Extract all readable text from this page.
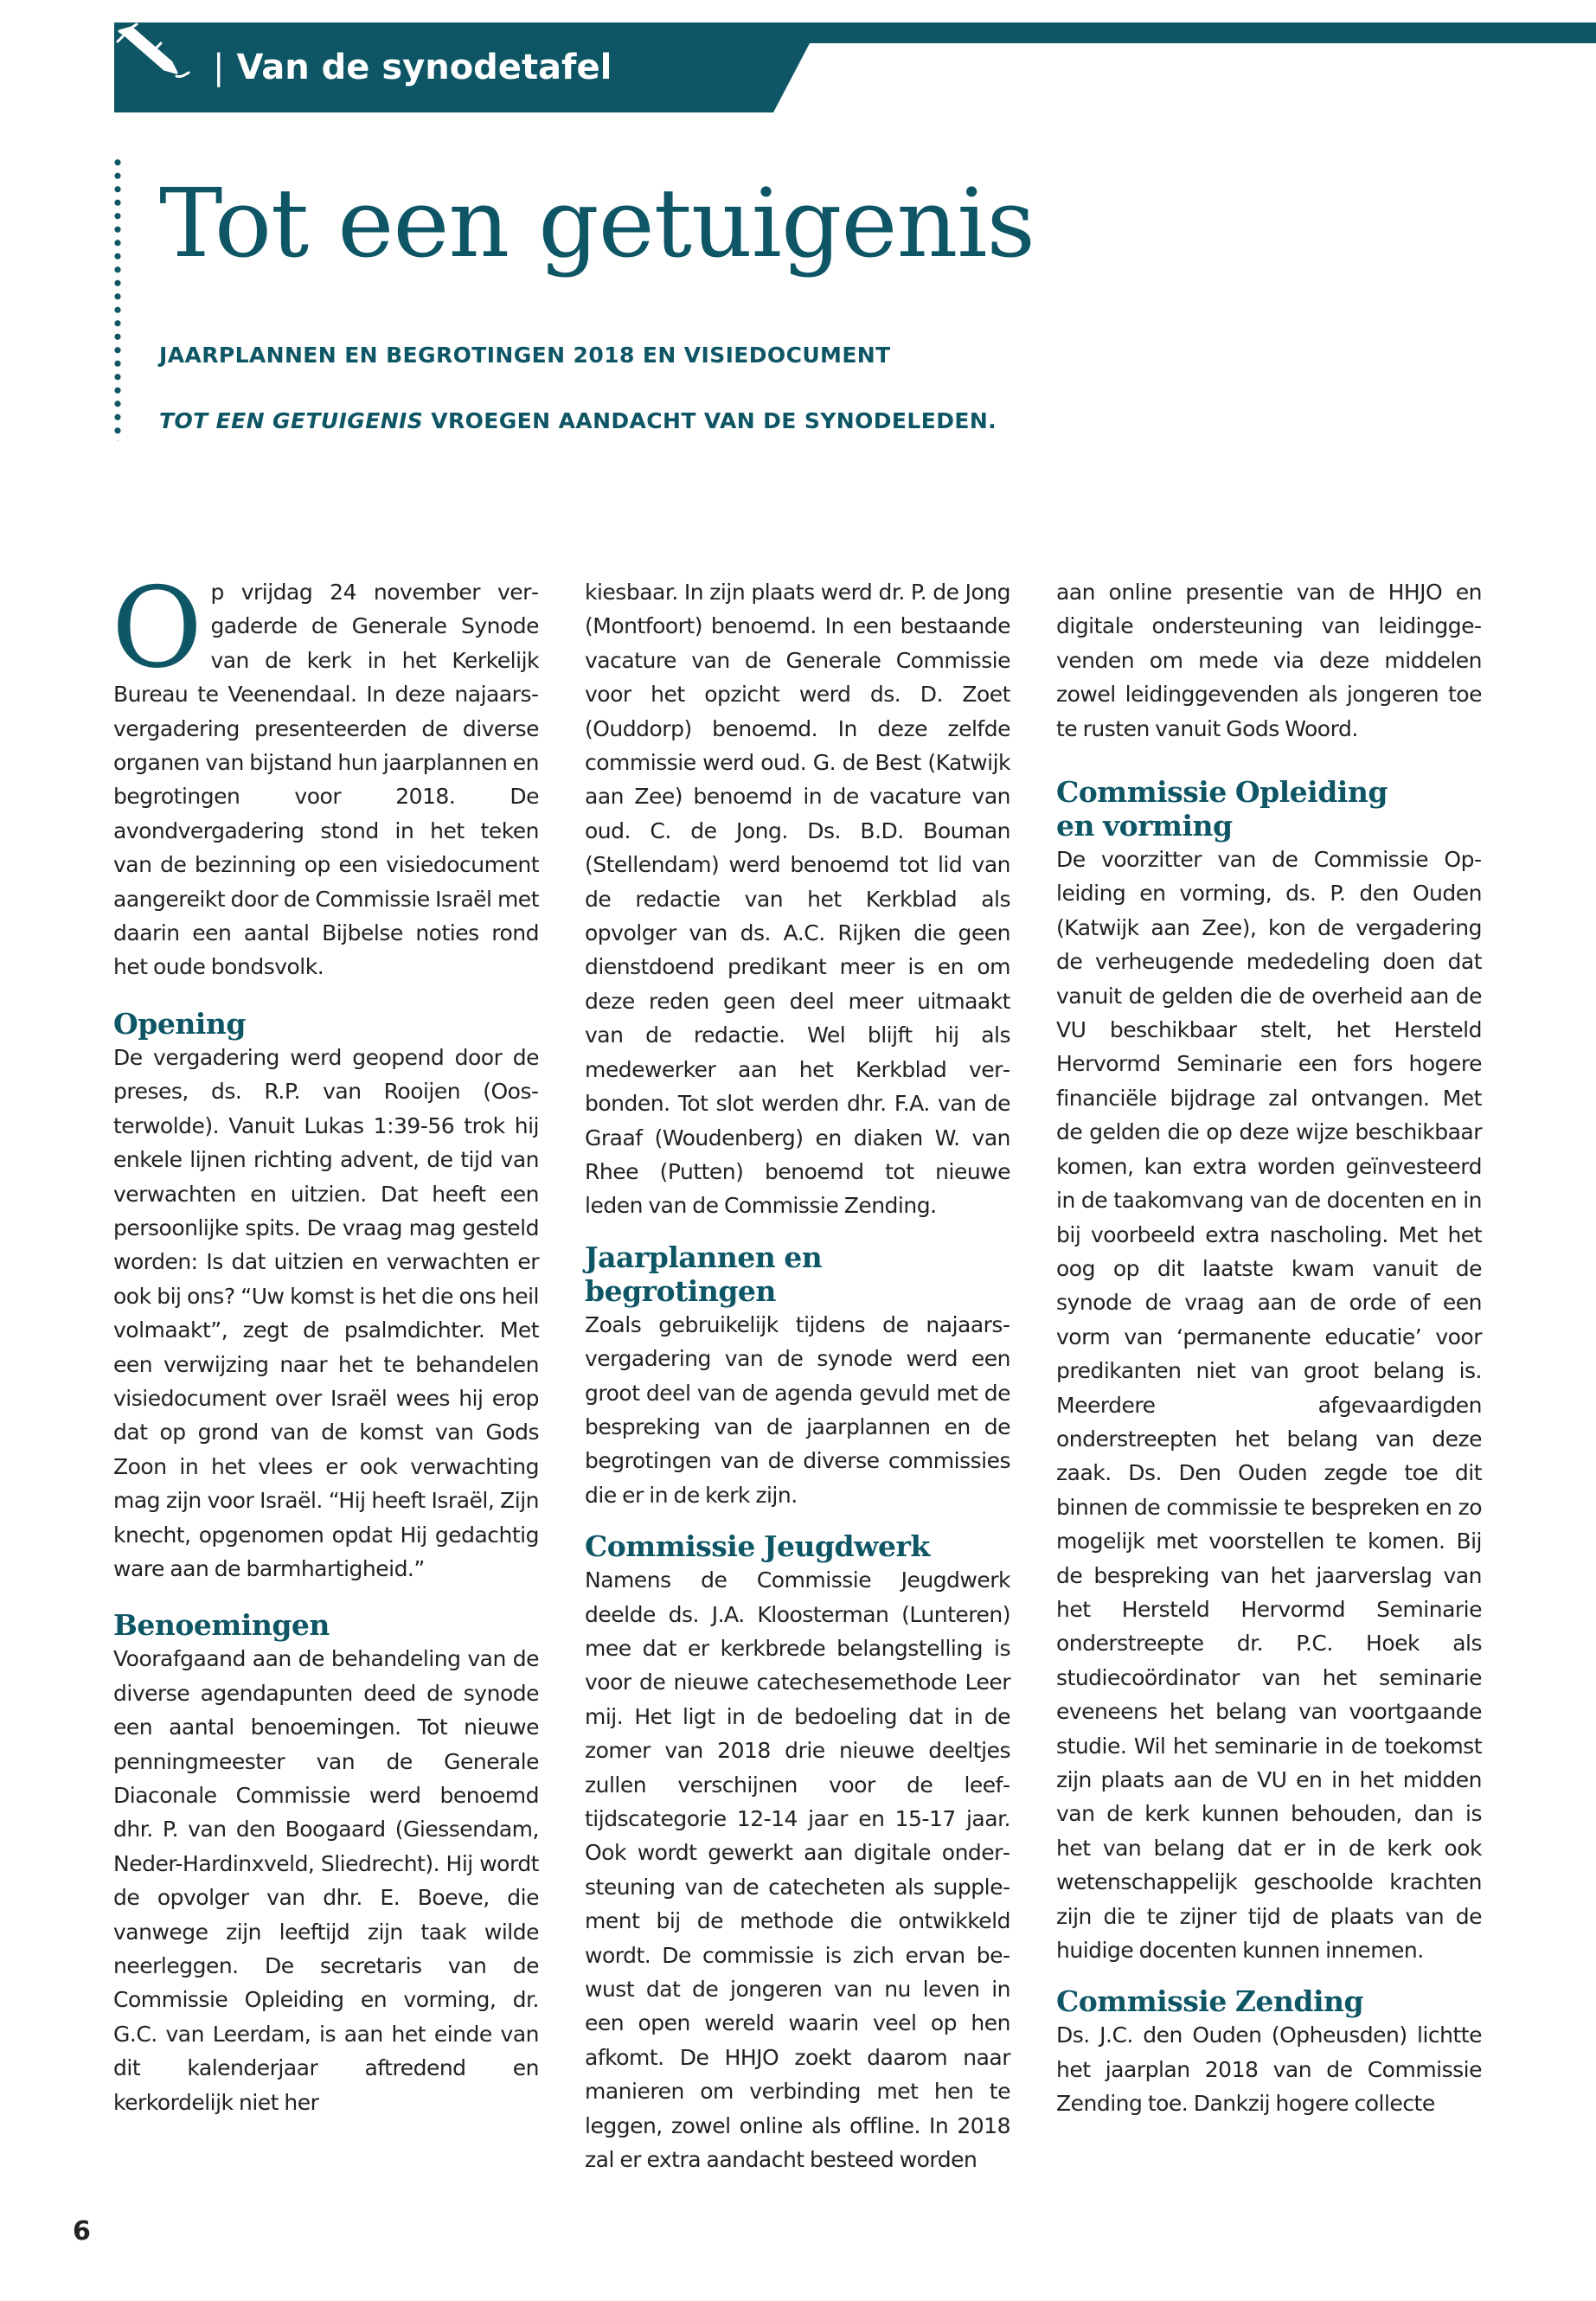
| Van de synodetafel
Tot een getuigenis

JAARPLANNEN EN BEGROTINGEN 2018 EN VISIEDOCUMENT

TOT EEN GETUIGENIS VROEGEN AANDACHT VAN DE SYNODELEDEN.

Op vrijdag 24 november vergaderde de Generale Synode van de kerk in het Kerkelijk Bureau te Veenendaal. In deze najaarsvergadering presenteerden de diverse organen van bijstand hun jaarplannen en begrotingen voor 2018. De avondvergadering stond in het teken van de bezinning op een visiedocument aangereikt door de Commissie Israël met daarin een aantal Bijbelse noties rond het oude bondsvolk.

Opening

De vergadering werd geopend door de preses, ds. R.P. van Rooijen (Oosterwolde). Vanuit Lukas 1:39-56 trok hij enkele lijnen richting advent, de tijd van verwachten en uitzien. Dat heeft een persoonlijke spits. De vraag mag gesteld worden: Is dat uitzien en verwachten er ook bij ons? “Uw komst is het die ons heil volmaakt”, zegt de psalmdichter. Met een verwijzing naar het te behandelen visiedocument over Israël wees hij erop dat op grond van de komst van Gods Zoon in het vlees er ook verwachting mag zijn voor Israël. “Hij heeft Israël, Zijn knecht, opgenomen opdat Hij gedachtig ware aan de barmhartigheid.”

Benoemingen

Voorafgaand aan de behandeling van de diverse agendapunten deed de synode een aantal benoemingen. Tot nieuwe penningmeester van de Generale Diaconale Commissie werd benoemd dhr. P. van den Boogaard (Giessendam, Neder-Hardinxveld, Sliedrecht). Hij wordt de opvolger van dhr. E. Boeve, die vanwege zijn leeftijd zijn taak wilde neerleggen. De secretaris van de Commissie Opleiding en vorming, dr. G.C. van Leerdam, is aan het einde van dit kalenderjaar aftredend en kerkordelijk niet her

kiesbaar. In zijn plaats werd dr. P. de Jong (Montfoort) benoemd. In een bestaande vacature van de Generale Commissie voor het opzicht werd ds. D. Zoet (Ouddorp) benoemd. In deze zelfde commissie werd oud. G. de Best (Katwijk aan Zee) benoemd in de vacature van oud. C. de Jong. Ds. B.D. Bouman (Stellendam) werd benoemd tot lid van de redactie van het Kerkblad als opvolger van ds. A.C. Rijken die geen dienstdoend predikant meer is en om deze reden geen deel meer uitmaakt van de redactie. Wel blijft hij als medewerker aan het Kerkblad verbonden. Tot slot werden dhr. F.A. van de Graaf (Woudenberg) en diaken W. van Rhee (Putten) benoemd tot nieuwe leden van de Commissie Zending.

Jaarplannen en begrotingen

Zoals gebruikelijk tijdens de najaarsvergadering van de synode werd een groot deel van de agenda gevuld met de bespreking van de jaarplannen en de begrotingen van de diverse commissies die er in de kerk zijn.

Commissie Jeugdwerk

Namens de Commissie Jeugdwerk deelde ds. J.A. Kloosterman (Lunteren) mee dat er kerkbrede belangstelling is voor de nieuwe catechesemethode Leer mij. Het ligt in de bedoeling dat in de zomer van 2018 drie nieuwe deeltjes zullen verschijnen voor de leeftijdscategorie 12-14 jaar en 15-17 jaar. Ook wordt gewerkt aan digitale ondersteuning van de catecheten als supplement bij de methode die ontwikkeld wordt. De commissie is zich ervan bewust dat de jongeren van nu leven in een open wereld waarin veel op hen afkomt. De HHJO zoekt daarom naar manieren om verbinding met hen te leggen, zowel online als offline. In 2018 zal er extra aandacht besteed worden

aan online presentie van de HHJO en digitale ondersteuning van leidinggevenden om mede via deze middelen zowel leidinggevenden als jongeren toe te rusten vanuit Gods Woord.

Commissie Opleiding
en vorming

De voorzitter van de Commissie Opleiding en vorming, ds. P. den Ouden (Katwijk aan Zee), kon de vergadering de verheugende mededeling doen dat vanuit de gelden die de overheid aan de VU beschikbaar stelt, het Hersteld Hervormd Seminarie een fors hogere financiële bijdrage zal ontvangen. Met de gelden die op deze wijze beschikbaar komen, kan extra worden geïnvesteerd in de taakomvang van de docenten en in bij voorbeeld extra nascholing. Met het oog op dit laatste kwam vanuit de synode de vraag aan de orde of een vorm van ‘permanente educatie’ voor predikanten niet van groot belang is. Meerdere afgevaardigden onderstreepten het belang van deze zaak. Ds. Den Ouden zegde toe dit binnen de commissie te bespreken en zo mogelijk met voorstellen te komen. Bij de bespreking van het jaarverslag van het Hersteld Hervormd Seminarie onderstreepte dr. P.C. Hoek als studiecoördinator van het seminarie eveneens het belang van voortgaande studie. Wil het seminarie in de toekomst zijn plaats aan de VU en in het midden van de kerk kunnen behouden, dan is het van belang dat er in de kerk ook wetenschappelijk geschoolde krachten zijn die te zijner tijd de plaats van de huidige docenten kunnen innemen.

Commissie Zending

Ds. J.C. den Ouden (Opheusden) lichtte het jaarplan 2018 van de Commissie Zending toe. Dankzij hogere collecte

6
